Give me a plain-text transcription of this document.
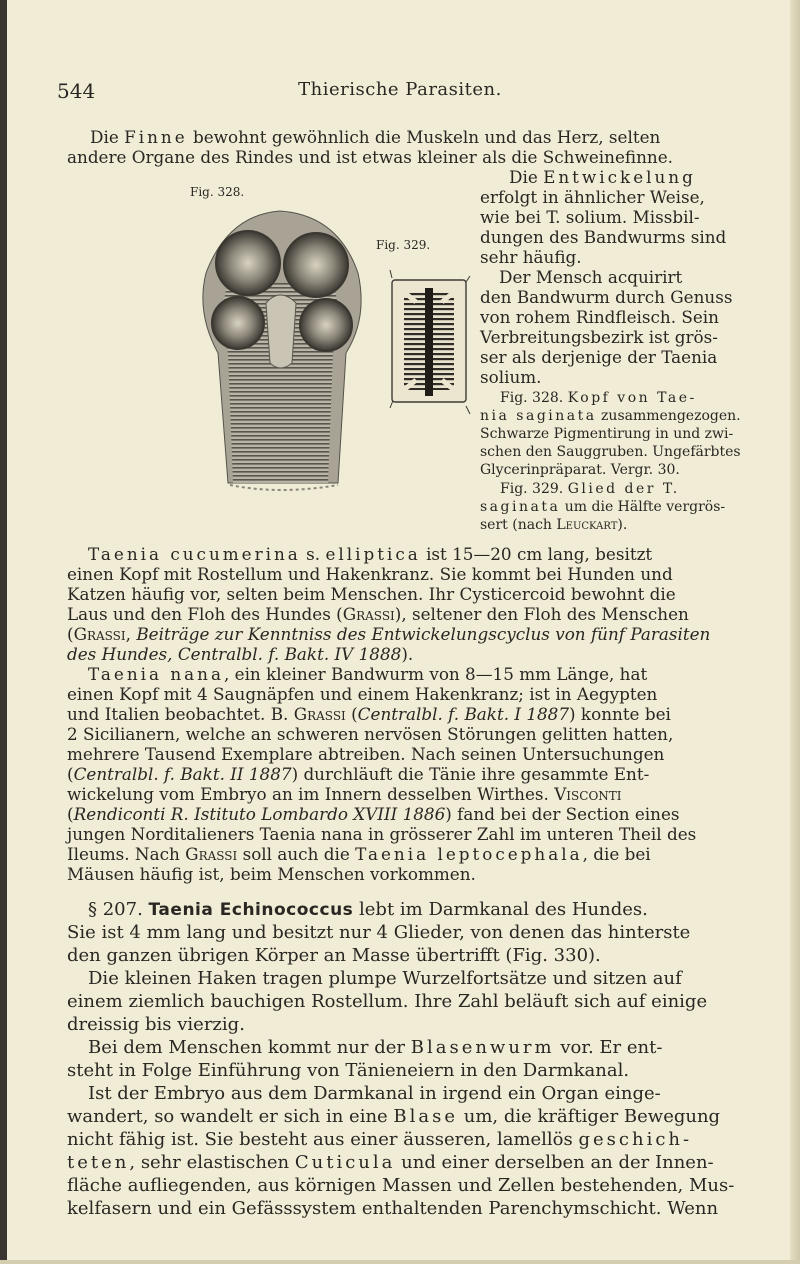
544	Thierische Parasiten.
Die Finne bewohnt gewöhnlich die Muskeln und das Herz, selten
andere Organe des Rindes und ist etwas kleiner als die Schweinefinne.
Die Entwickelung
erfolgt in ähnlicher Weise,
wie bei T. solium. Missbil-
dungen des Bandwurms sind
sehr häufig.
Der Mensch acquirirt
den Bandwurm durch Genuss
von rohem Rindfleisch. Sein
Verbreitungsbezirk ist grös-
ser als derjenige der Taenia
solium.
Fig. 328.
Fig. 329.
Fig. 328. Kopf von Tae-
nia saginata zusammengezogen.
Schwarze Pigmentirung in und zwi-
schen den Sauggruben. Ungefärbtes
Glycerinpräparat. Vergr. 30.
Fig. 329. Glied der T.
saginata um die Hälfte vergrös-
sert (nach Leuckart).
Taenia cucumerina s. elliptica ist 15—20 cm lang, besitzt
einen Kopf mit Rostellum und Hakenkranz. Sie kommt bei Hunden und
Katzen häufig vor, selten beim Menschen. Ihr Cysticercoid bewohnt die
Laus und den Floh des Hundes (Grassi), seltener den Floh des Menschen
(Grassi, Beiträge zur Kenntniss des Entwickelungscyclus von fünf Parasiten
des Hundes, Centralbl. f. Bakt. IV 1888).
Taenia nana, ein kleiner Bandwurm von 8—15 mm Länge, hat
einen Kopf mit 4 Saugnäpfen und einem Hakenkranz; ist in Aegypten
und Italien beobachtet. B. Grassi (Centralbl. f. Bakt. I 1887) konnte bei
2 Sicilianern, welche an schweren nervösen Störungen gelitten hatten,
mehrere Tausend Exemplare abtreiben. Nach seinen Untersuchungen
(Centralbl. f. Bakt. II 1887) durchläuft die Tänie ihre gesammte Ent-
wickelung vom Embryo an im Innern desselben Wirthes. Visconti
(Rendiconti R. Istituto Lombardo XVIII 1886) fand bei der Section eines
jungen Norditalieners Taenia nana in grösserer Zahl im unteren Theil des
Ileums. Nach Grassi soll auch die Taenia leptocephala, die bei
Mäusen häufig ist, beim Menschen vorkommen.
§ 207. Taenia Echinococcus lebt im Darmkanal des Hundes.
Sie ist 4 mm lang und besitzt nur 4 Glieder, von denen das hinterste
den ganzen übrigen Körper an Masse übertrifft (Fig. 330).
Die kleinen Haken tragen plumpe Wurzelfortsätze und sitzen auf
einem ziemlich bauchigen Rostellum. Ihre Zahl beläuft sich auf einige
dreissig bis vierzig.
Bei dem Menschen kommt nur der Blasenwurm vor. Er ent-
steht in Folge Einführung von Tänieneiern in den Darmkanal.
Ist der Embryo aus dem Darmkanal in irgend ein Organ einge-
wandert, so wandelt er sich in eine Blase um, die kräftiger Bewegung
nicht fähig ist. Sie besteht aus einer äusseren, lamellös geschich-
teten, sehr elastischen Cuticula und einer derselben an der Innen-
fläche aufliegenden, aus körnigen Massen und Zellen bestehenden, Mus-
kelfasern und ein Gefässsystem enthaltenden Parenchymschicht. Wenn
